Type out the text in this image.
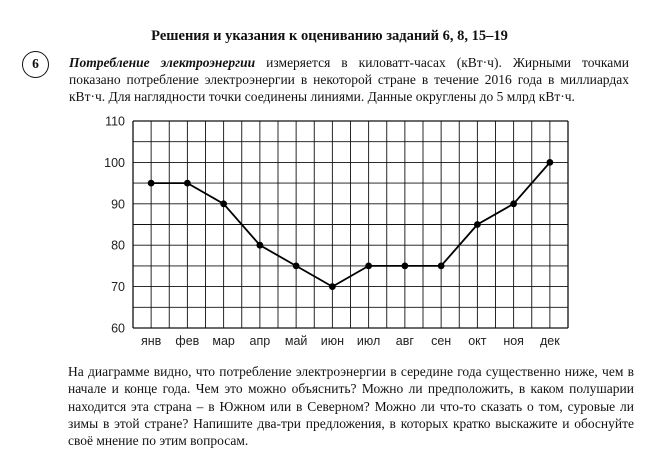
Решения и указания к оцениванию заданий 6, 8, 15–19
6	Потребление электроэнергии измеряется в киловатт-часах (кВт·ч). Жирными точками показано потребление электроэнергии в некоторой стране в течение 2016 года в миллиардах кВт·ч. Для наглядности точки соединены линиями. Данные округлены до 5 млрд кВт·ч.
60
70
80
90
100
110
янв фев мар апр май июн июл авг сен окт ноя дек
На диаграмме видно, что потребление электроэнергии в середине года существенно ниже, чем в начале и конце года. Чем это можно объяснить? Можно ли предположить, в каком полушарии находится эта страна – в Южном или в Северном? Можно ли что-то сказать о том, суровые ли зимы в этой стране? Напишите два-три предложения, в которых кратко выскажите и обоснуйте своё мнение по этим вопросам.
